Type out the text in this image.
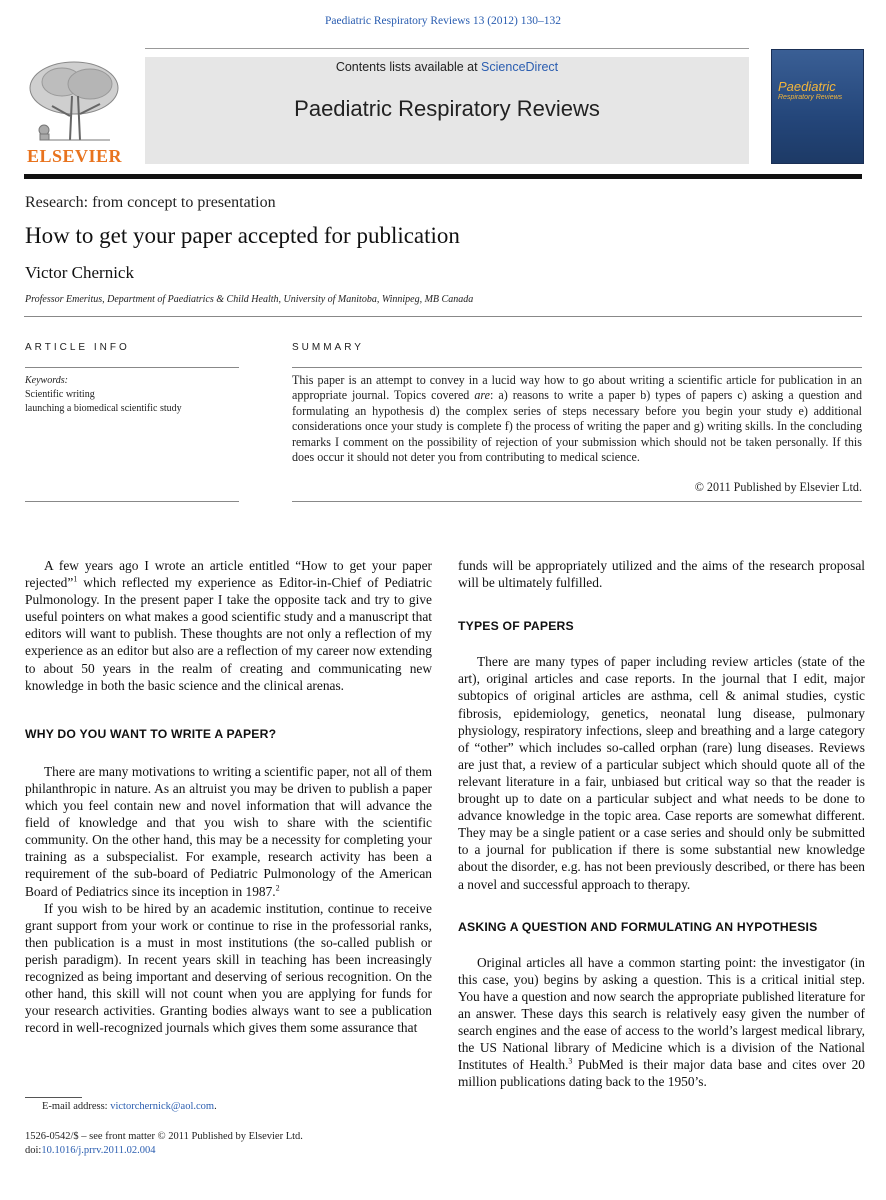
Paediatric Respiratory Reviews 13 (2012) 130–132
ELSEVIER
Contents lists available at ScienceDirect
Paediatric Respiratory Reviews
Paediatric
Respiratory Reviews
Research: from concept to presentation
How to get your paper accepted for publication
Victor Chernick
Professor Emeritus, Department of Paediatrics & Child Health, University of Manitoba, Winnipeg, MB Canada
ARTICLE INFO
Keywords:
Scientific writing
launching a biomedical scientific study
SUMMARY
This paper is an attempt to convey in a lucid way how to go about writing a scientific article for publication in an appropriate journal. Topics covered are: a) reasons to write a paper b) types of papers c) asking a question and formulating an hypothesis d) the complex series of steps necessary before you begin your study e) additional considerations once your study is complete f) the process of writing the paper and g) writing skills. In the concluding remarks I comment on the possibility of rejection of your submission which should not be taken personally. If this does occur it should not deter you from contributing to medical science.
© 2011 Published by Elsevier Ltd.

A few years ago I wrote an article entitled “How to get your paper rejected”$^1$ which reflected my experience as Editor-in-Chief of Pediatric Pulmonology. In the present paper I take the opposite tack and try to give useful pointers on what makes a good scientific study and a manuscript that editors will want to publish. These thoughts are not only a reflection of my experience as an editor but also are a reflection of my career now extending to about 50 years in the realm of creating and communicating new knowledge in both the basic science and the clinical arenas.

WHY DO YOU WANT TO WRITE A PAPER?

There are many motivations to writing a scientific paper, not all of them philanthropic in nature. As an altruist you may be driven to publish a paper which you feel contain new and novel information that will advance the field of knowledge and that you wish to share with the scientific community. On the other hand, this may be a necessity for completing your training as a subspecialist. For example, research activity has been a requirement of the sub-board of Pediatric Pulmonology of the American Board of Pediatrics since its inception in 1987.$^2$

If you wish to be hired by an academic institution, continue to receive grant support from your work or continue to rise in the professorial ranks, then publication is a must in most institutions (the so-called publish or perish paradigm). In recent years skill in teaching has been increasingly recognized as being important and deserving of serious recognition. On the other hand, this skill will not count when you are applying for funds for your research activities. Granting bodies always want to see a publication record in well-recognized journals which gives them some assurance that

funds will be appropriately utilized and the aims of the research proposal will be ultimately fulfilled.

TYPES OF PAPERS

There are many types of paper including review articles (state of the art), original articles and case reports. In the journal that I edit, major subtopics of original articles are asthma, cell & animal studies, cystic fibrosis, epidemiology, genetics, neonatal lung disease, pulmonary physiology, respiratory infections, sleep and breathing and a large category of “other” which includes so-called orphan (rare) lung diseases. Reviews are just that, a review of a particular subject which should quote all of the relevant literature in a fair, unbiased but critical way so that the reader is brought up to date on a particular subject and what needs to be done to advance knowledge in the topic area. Case reports are somewhat different. They may be a single patient or a case series and should only be submitted to a journal for publication if there is some substantial new knowledge about the disorder, e.g. has not been previously described, or there has been a novel and successful approach to therapy.

ASKING A QUESTION AND FORMULATING AN HYPOTHESIS

Original articles all have a common starting point: the investigator (in this case, you) begins by asking a question. This is a critical initial step. You have a question and now search the appropriate published literature for an answer. These days this search is relatively easy given the number of search engines and the ease of access to the world’s largest medical library, the US National library of Medicine which is a division of the National Institutes of Health.$^3$ PubMed is their major data base and cites over 20 million publications dating back to the 1950’s.

E-mail address: victorchernick@aol.com.
1526-0542/$ – see front matter © 2011 Published by Elsevier Ltd.
doi:10.1016/j.prrv.2011.02.004
